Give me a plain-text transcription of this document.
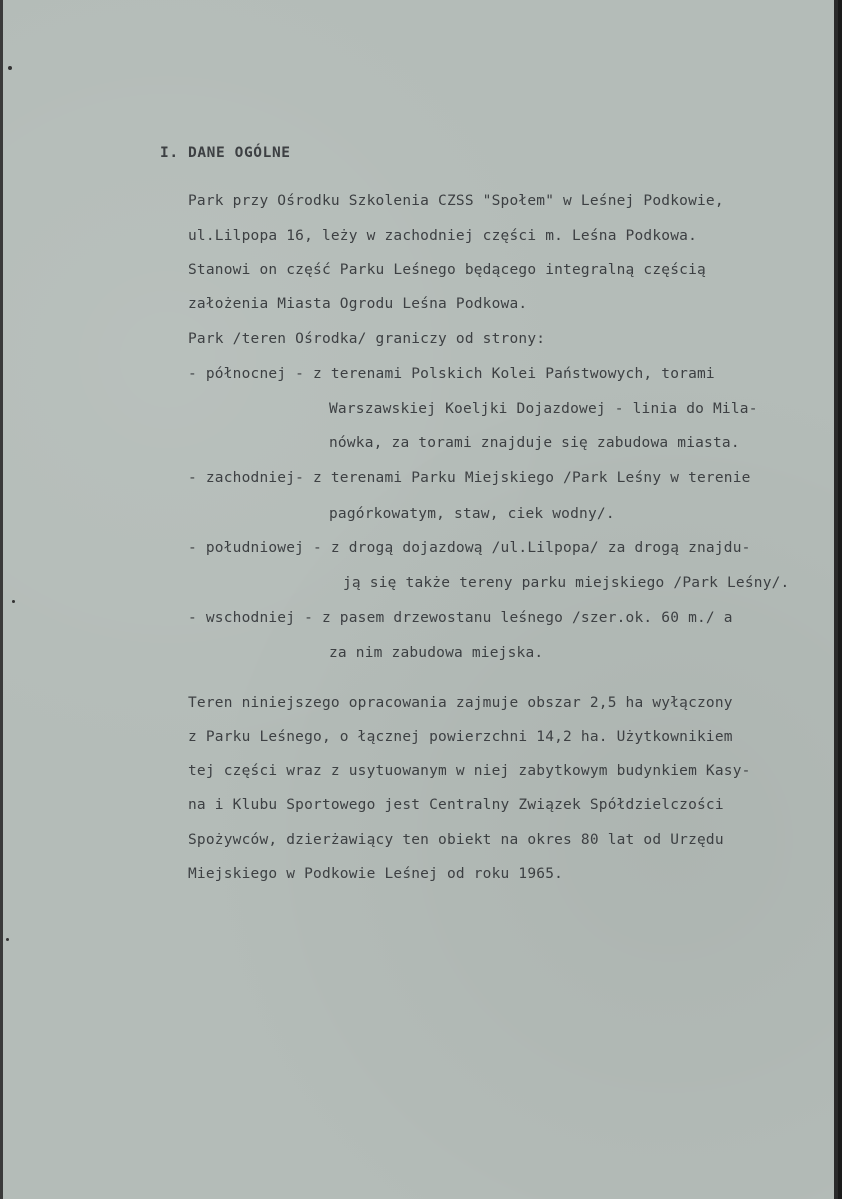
I. DANE OGÓLNE
Park przy Ośrodku Szkolenia CZSS "Społem" w Leśnej Podkowie,
ul.Lilpopa 16, leży w zachodniej części m. Leśna Podkowa.
Stanowi on część Parku Leśnego będącego integralną częścią
założenia Miasta Ogrodu Leśna Podkowa.
Park /teren Ośrodka/ graniczy od strony:
- północnej - z terenami Polskich Kolei Państwowych, torami
Warszawskiej Koeljki Dojazdowej - linia do Mila-
nówka, za torami znajduje się zabudowa miasta.
- zachodniej- z terenami Parku Miejskiego /Park Leśny w terenie
pagórkowatym, staw, ciek wodny/.
- południowej - z drogą dojazdową /ul.Lilpopa/ za drogą znajdu-
ją się także tereny parku miejskiego /Park Leśny/.
- wschodniej - z pasem drzewostanu leśnego /szer.ok. 60 m./ a
za nim zabudowa miejska.
Teren niniejszego opracowania zajmuje obszar 2,5 ha wyłączony
z Parku Leśnego, o łącznej powierzchni 14,2 ha. Użytkownikiem
tej części wraz z usytuowanym w niej zabytkowym budynkiem Kasy-
na i Klubu Sportowego jest Centralny Związek Spółdzielczości
Spożywców, dzierżawiący ten obiekt na okres 80 lat od Urzędu
Miejskiego w Podkowie Leśnej od roku 1965.
